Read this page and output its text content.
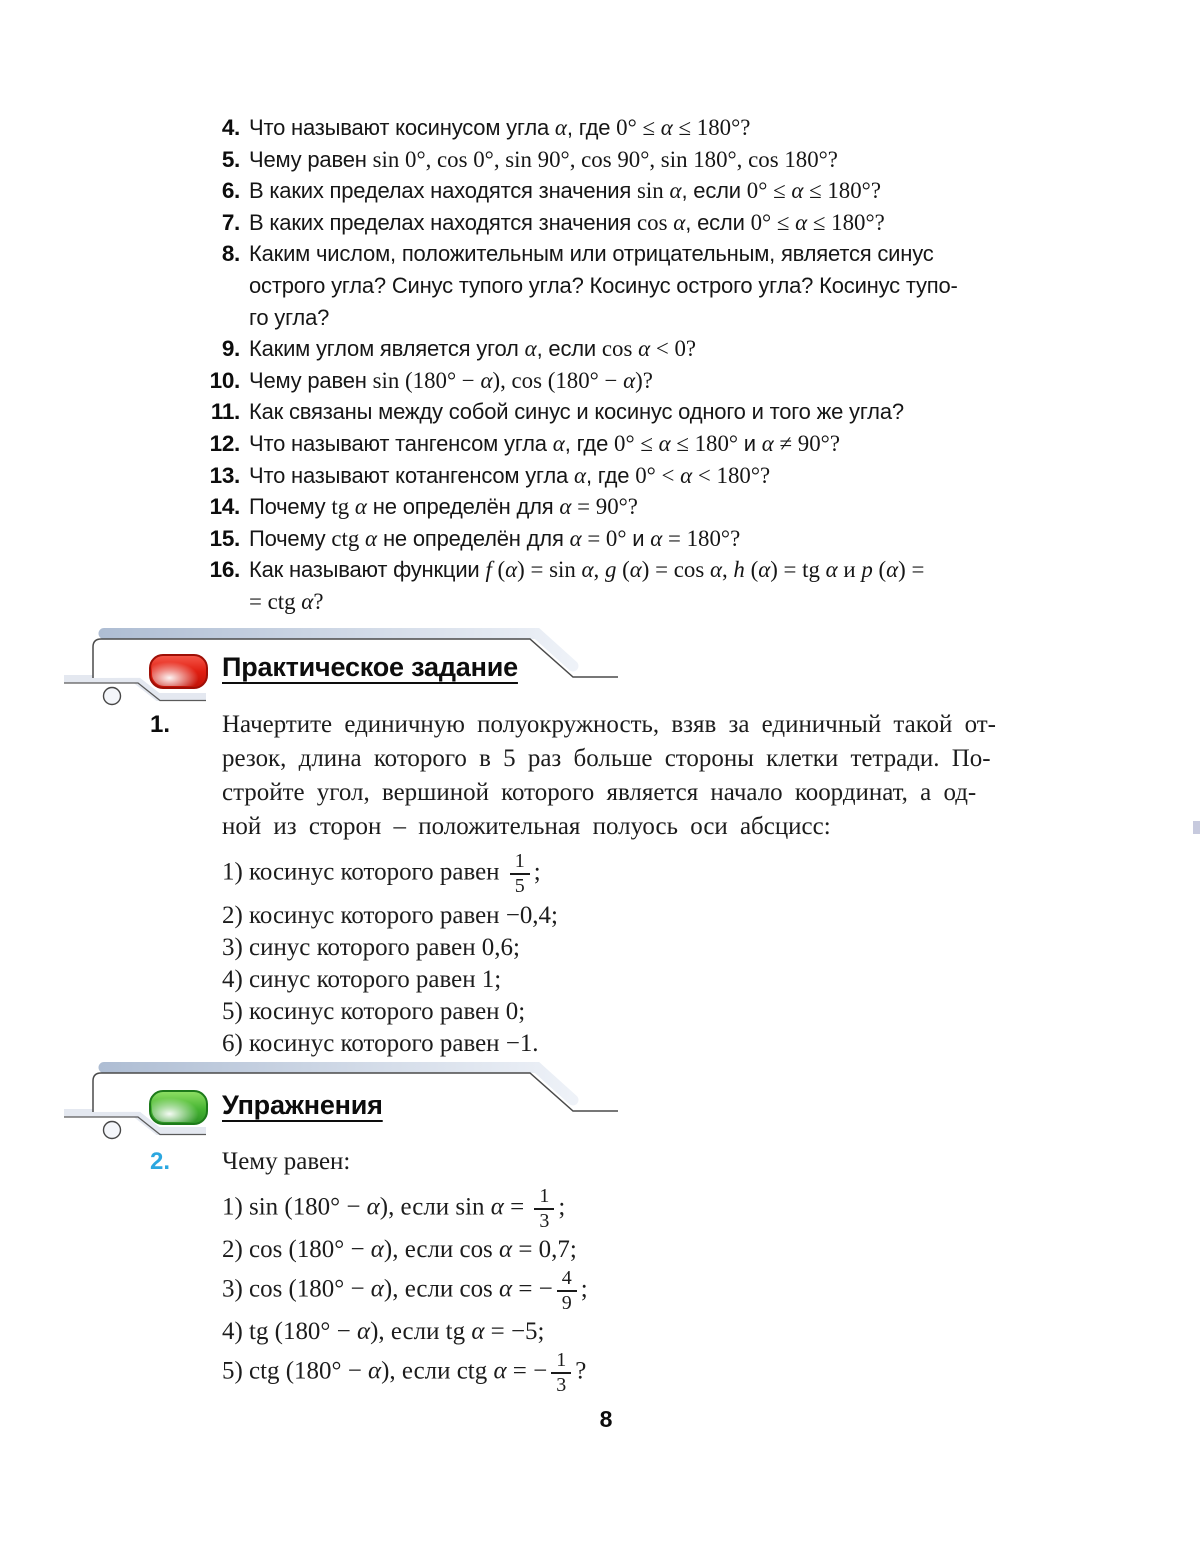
4. Что называют косинусом угла α, где 0° ≤ α ≤ 180°?
5. Чему равен sin 0°, cos 0°, sin 90°, cos 90°, sin 180°, cos 180°?
6. В каких пределах находятся значения sin α, если 0° ≤ α ≤ 180°?
7. В каких пределах находятся значения cos α, если 0° ≤ α ≤ 180°?
8. Каким числом, положительным или отрицательным, является синус
острого угла? Синус тупого угла? Косинус острого угла? Косинус тупо-
го угла?
9. Каким углом является угол α, если cos α < 0?
10. Чему равен sin (180° − α), cos (180° − α)?
11. Как связаны между собой синус и косинус одного и того же угла?
12. Что называют тангенсом угла α, где 0° ≤ α ≤ 180° и α ≠ 90°?
13. Что называют котангенсом угла α, где 0° < α < 180°?
14. Почему tg α не определён для α = 90°?
15. Почему ctg α не определён для α = 0° и α = 180°?
16. Как называют функции f (α) = sin α, g (α) = cos α, h (α) = tg α и p (α) =
= ctg α?
Практическое задание
1.	Начертите единичную полуокружность, взяв за единичный такой от-
резок, длина которого в 5 раз больше стороны клетки тетради. По-
стройте угол, вершиной которого является начало координат, а од-
ной из сторон – положительная полуось оси абсцисс:
1) косинус которого равен $\frac{1}{5}$ ;
2) косинус которого равен −0,4;
3) синус которого равен 0,6;
4) синус которого равен 1;
5) косинус которого равен 0;
6) косинус которого равен −1.
Упражнения
2.	Чему равен:
1) sin (180° − α), если $\sin \alpha = \frac{1}{3}$ ;
2) cos (180° − α), если cos α = 0,7;
3) cos (180° − α), если cos α = − $\frac{4}{9}$ ;
4) tg (180° − α), если tg α = −5;
5) ctg (180° − α), если ctg α = − $\frac{1}{3}$ ?
8
